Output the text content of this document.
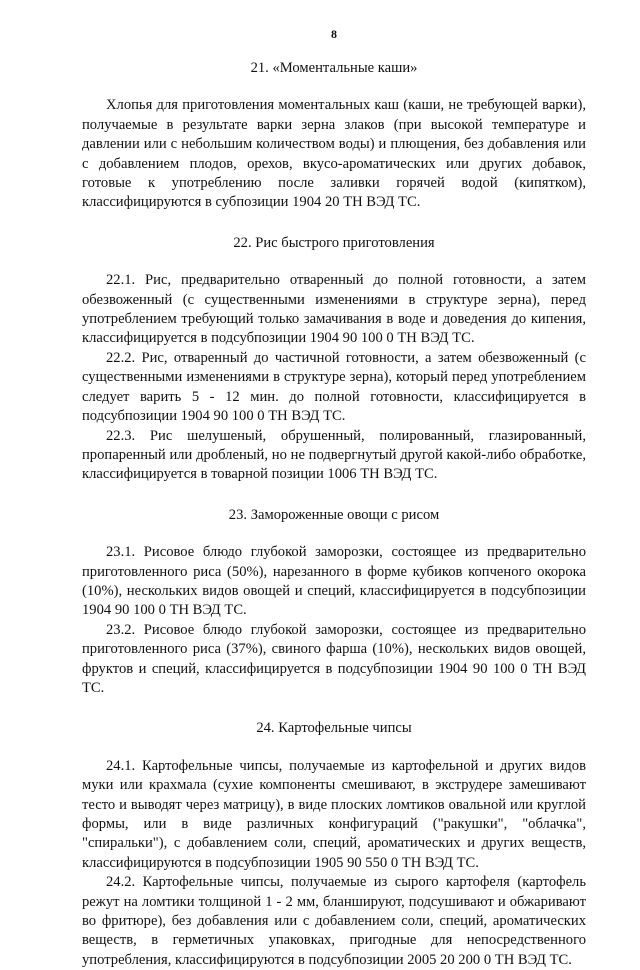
8
21. «Моментальные каши»

Хлопья для приготовления моментальных каш (каши, не требующей варки), получаемые в результате варки зерна злаков (при высокой температуре и давлении или с небольшим количеством воды) и плющения, без добавления или с добавлением плодов, орехов, вкусо-ароматических или других добавок, готовые к употреблению после заливки горячей водой (кипятком), классифицируются в субпозиции 1904 20 ТН ВЭД ТС.

22. Рис быстрого приготовления

22.1. Рис, предварительно отваренный до полной готовности, а затем обезвоженный (с существенными изменениями в структуре зерна), перед употреблением требующий только замачивания в воде и доведения до кипения, классифицируется в подсубпозиции 1904 90 100 0 ТН ВЭД ТС.

22.2. Рис, отваренный до частичной готовности, а затем обезвоженный (с существенными изменениями в структуре зерна), который перед употреблением следует варить 5 - 12 мин. до полной готовности, классифицируется в подсубпозиции 1904 90 100 0 ТН ВЭД ТС.

22.3. Рис шелушеный, обрушенный, полированный, глазированный, пропаренный или дробленый, но не подвергнутый другой какой-либо обработке, классифицируется в товарной позиции 1006 ТН ВЭД ТС.

23. Замороженные овощи с рисом

23.1. Рисовое блюдо глубокой заморозки, состоящее из предварительно приготовленного риса (50%), нарезанного в форме кубиков копченого окорока (10%), нескольких видов овощей и специй, классифицируется в подсубпозиции 1904 90 100 0 ТН ВЭД ТС.

23.2. Рисовое блюдо глубокой заморозки, состоящее из предварительно приготовленного риса (37%), свиного фарша (10%), нескольких видов овощей, фруктов и специй, классифицируется в подсубпозиции 1904 90 100 0 ТН ВЭД ТС.

24. Картофельные чипсы

24.1. Картофельные чипсы, получаемые из картофельной и других видов муки или крахмала (сухие компоненты смешивают, в экструдере замешивают тесто и выводят через матрицу), в виде плоских ломтиков овальной или круглой формы, или в виде различных конфигураций ("ракушки", "облачка", "спиральки"), с добавлением соли, специй, ароматических и других веществ, классифицируются в подсубпозиции 1905 90 550 0 ТН ВЭД ТС.

24.2. Картофельные чипсы, получаемые из сырого картофеля (картофель режут на ломтики толщиной 1 - 2 мм, бланшируют, подсушивают и обжаривают во фритюре), без добавления или с добавлением соли, специй, ароматических веществ, в герметичных упаковках, пригодные для непосредственного употребления, классифицируются в подсубпозиции 2005 20 200 0 ТН ВЭД ТС.
